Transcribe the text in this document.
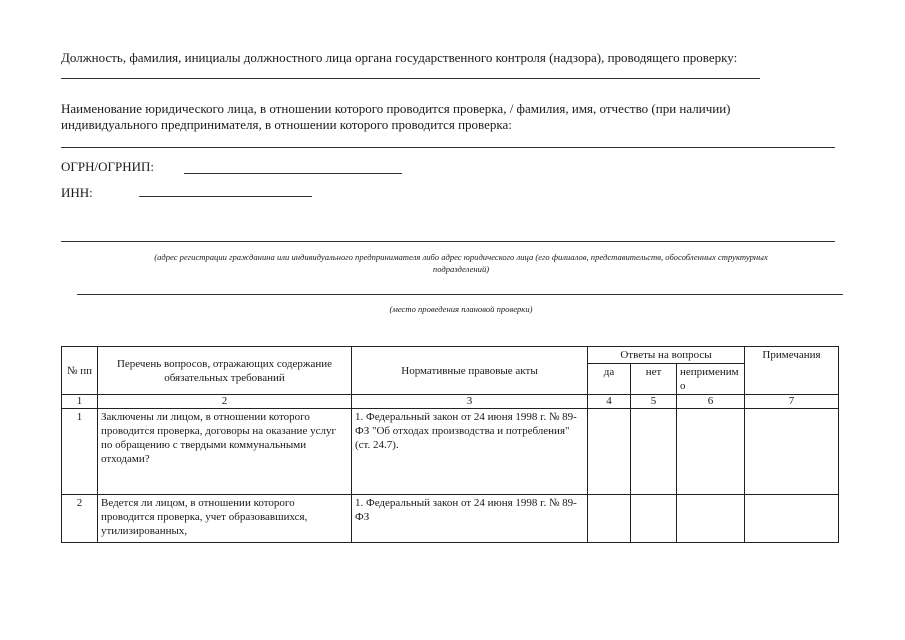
Должность, фамилия, инициалы должностного лица органа государственного контроля (надзора), проводящего проверку:
Наименование юридического лица, в отношении которого проводится проверка, / фамилия, имя, отчество (при наличии)
индивидуального предпринимателя, в отношении которого проводится проверка:
ОГРН/ОГРНИП:
ИНН:
(адрес регистрации гражданина или индивидуального предпринимателя либо адрес юридического лица (его филиалов, представительств, обособленных структурных
подразделений)
(место проведения плановой проверки)
№ пп	Перечень вопросов, отражающих содержание обязательных требований	Нормативные правовые акты	Ответы на вопросы			Примечания
			да	нет	неприменимо	
1	2	3	4	5	6	7
1	Заключены ли лицом, в отношении которого проводится проверка, договоры на оказание услуг по обращению с твердыми коммунальными отходами?	1. Федеральный закон от 24 июня 1998 г. № 89-ФЗ "Об отходах производства и потребления" (ст. 24.7).				
2	Ведется ли лицом, в отношении которого проводится проверка, учет образовавшихся, утилизированных,	1. Федеральный закон от 24 июня 1998 г. № 89-ФЗ				
